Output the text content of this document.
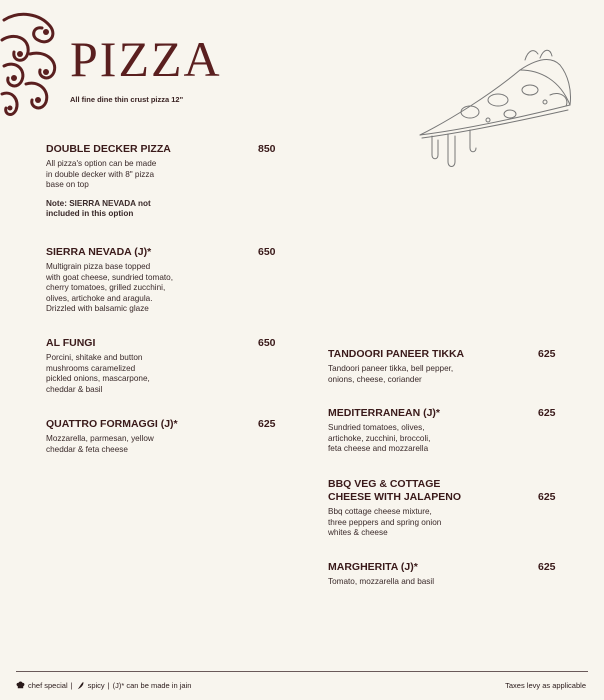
PIZZA
All fine dine thin crust pizza 12"
DOUBLE DECKER PIZZA	850
All pizza's option can be made
in double decker with 8" pizza
base on top
Note: SIERRA NEVADA not
included in this option
SIERRA NEVADA (J)*	650
Multigrain pizza base topped
with goat cheese, sundried tomato,
cherry tomatoes, grilled zucchini,
olives, artichoke and aragula.
Drizzled with balsamic glaze
AL FUNGI	650
Porcini, shitake and button
mushrooms caramelized
pickled onions, mascarpone,
cheddar & basil
QUATTRO FORMAGGI (J)*	625
Mozzarella, parmesan, yellow
cheddar & feta cheese
TANDOORI PANEER TIKKA	625
Tandoori paneer tikka, bell pepper,
onions, cheese, coriander
MEDITERRANEAN (J)*	625
Sundried tomatoes, olives,
artichoke, zucchini, broccoli,
feta cheese and mozzarella
BBQ VEG & COTTAGE
CHEESE WITH JALAPENO	625
Bbq cottage cheese mixture,
three peppers and spring onion
whites & cheese
MARGHERITA (J)*	625
Tomato, mozzarella and basil
chef special | spicy | (J)* can be made in jain	Taxes levy as applicable
